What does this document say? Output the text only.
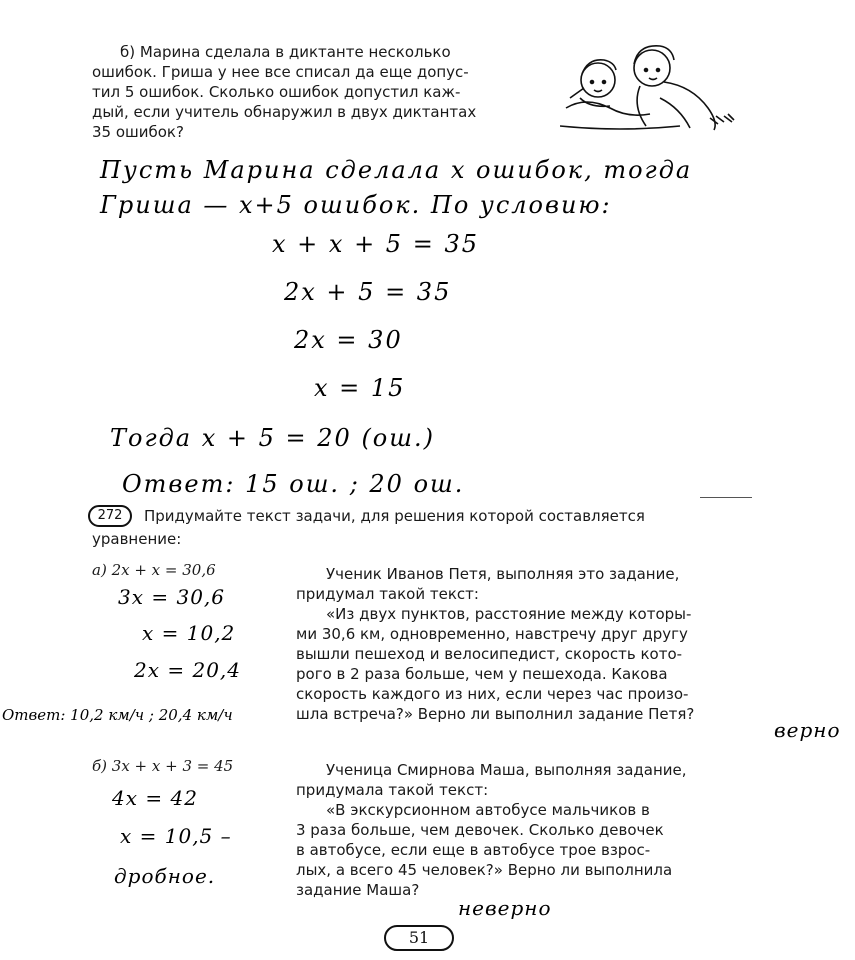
б) Марина сделала в диктанте несколько
ошибок. Гриша у нее все списал да еще допус-
тил 5 ошибок. Сколько ошибок допустил каж-
дый, если учитель обнаружил в двух диктантах
35 ошибок?
Пусть Марина сделала х ошибок, тогда
Гриша — х+5 ошибок. По условию:
х + х + 5 = 35
2х + 5 = 35
2х = 30
х = 15
Тогда х + 5 = 20 (ош.)
Ответ: 15 ош. ; 20 ош.
272	Придумайте текст задачи, для решения которой составляется
уравнение:
а) 2x + x = 30,6
3х = 30,6
х = 10,2
2х = 20,4
Ответ: 10,2 км/ч ; 20,4 км/ч
Ученик Иванов Петя, выполняя это задание,
придумал такой текст:
«Из двух пунктов, расстояние между которы-
ми 30,6 км, одновременно, навстречу друг другу
вышли пешеход и велосипедист, скорость кото-
рого в 2 раза больше, чем у пешехода. Какова
скорость каждого из них, если через час произо-
шла встреча?» Верно ли выполнил задание Петя?
верно
б) 3x + x + 3 = 45
4х = 42
х = 10,5 –
дробное.
Ученица Смирнова Маша, выполняя задание,
придумала такой текст:
«В экскурсионном автобусе мальчиков в
3 раза больше, чем девочек. Сколько девочек
в автобусе, если еще в автобусе трое взрос-
лых, а всего 45 человек?» Верно ли выполнила
задание Маша?
неверно
51
